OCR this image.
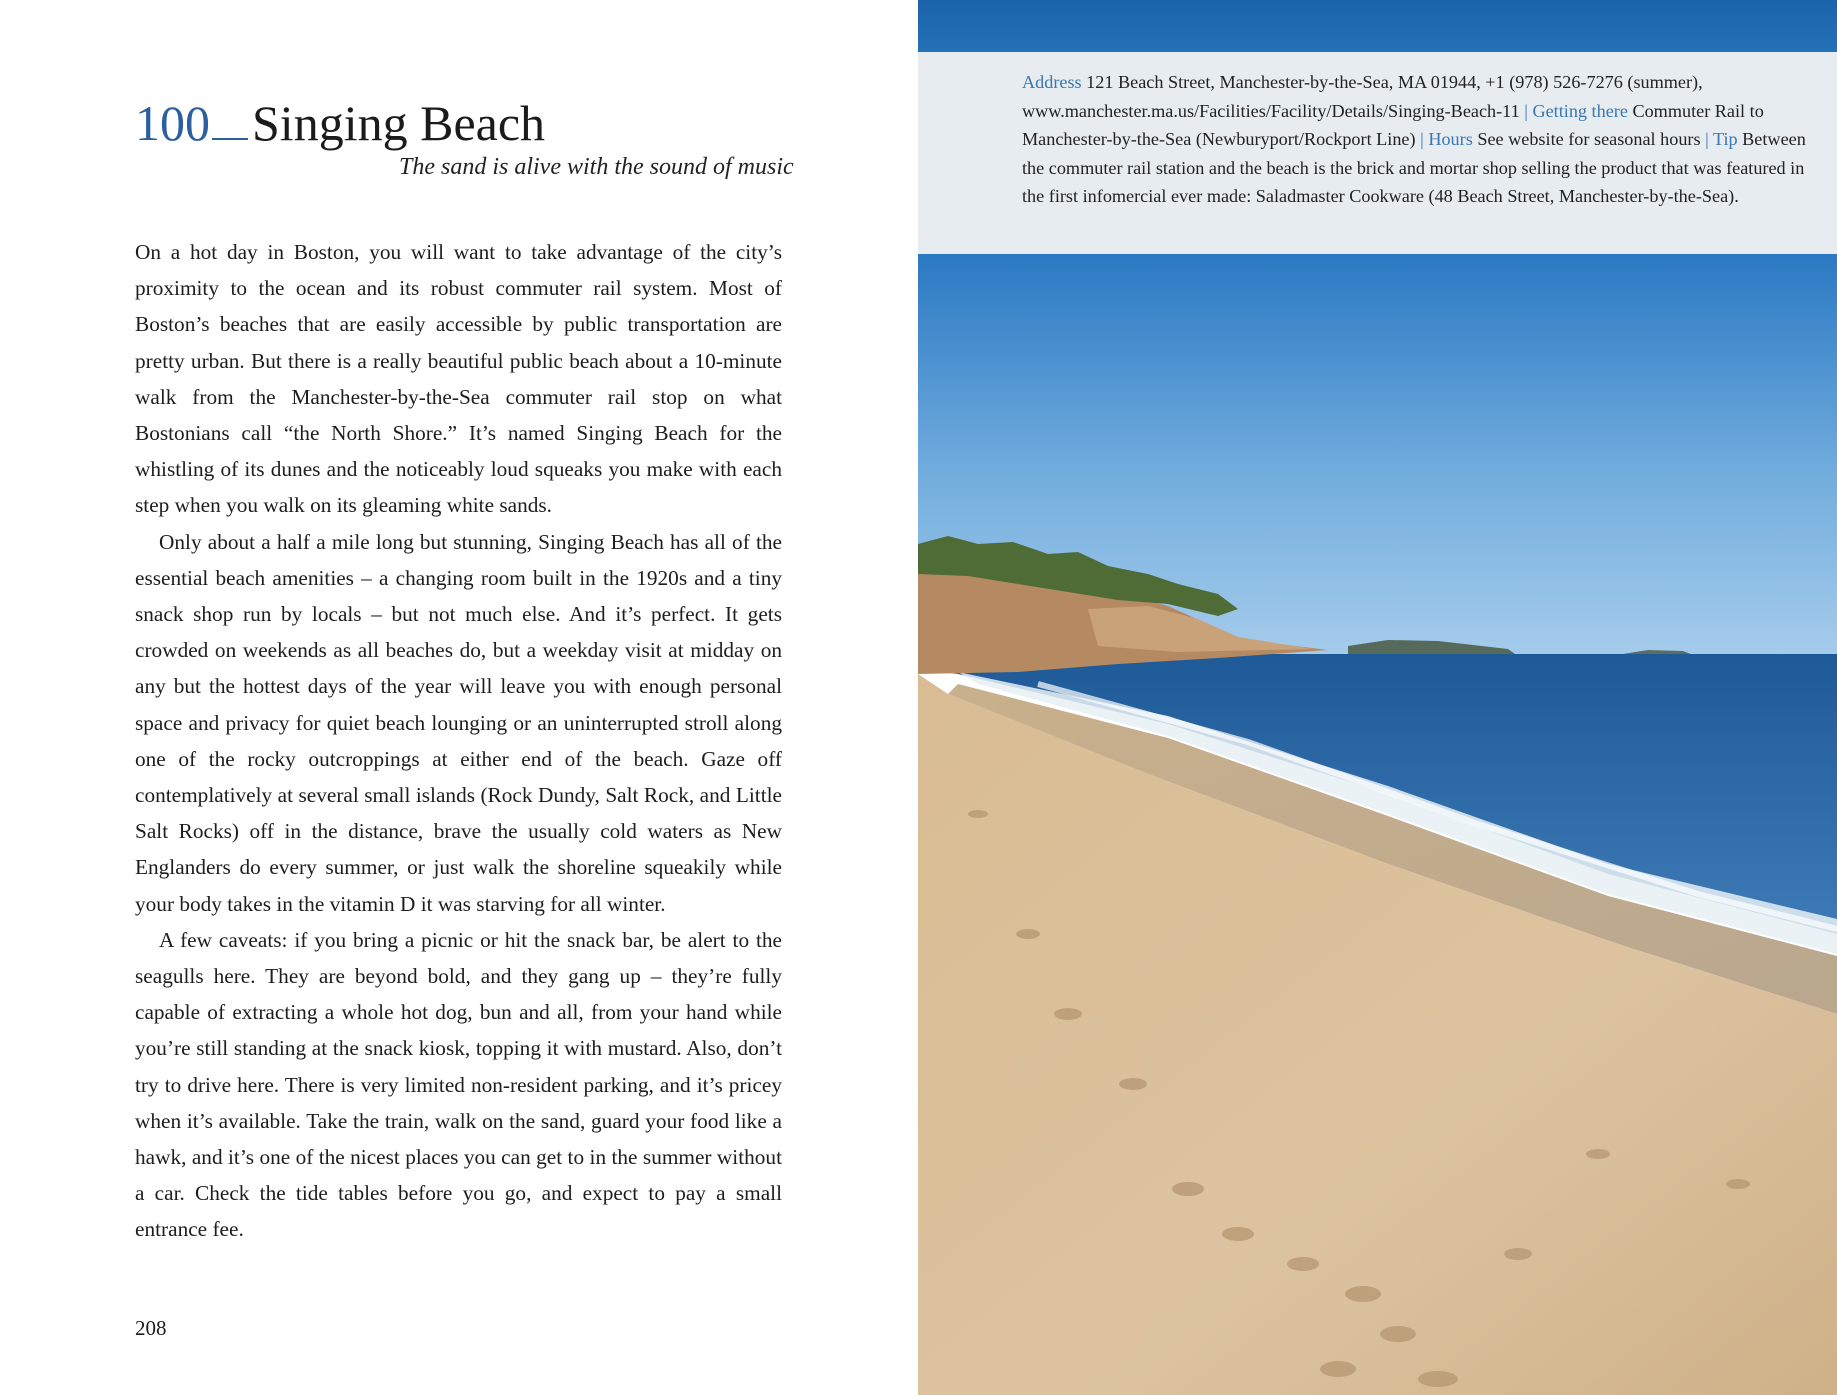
100 Singing Beach
The sand is alive with the sound of music

On a hot day in Boston, you will want to take advantage of the city’s proximity to the ocean and its robust commuter rail system. Most of Boston’s beaches that are easily accessible by public transportation are pretty urban. But there is a really beautiful public beach about a 10-minute walk from the Manchester-by-the-Sea commuter rail stop on what Bostonians call “the North Shore.” It’s named Singing Beach for the whistling of its dunes and the noticeably loud squeaks you make with each step when you walk on its gleaming white sands.

Only about a half a mile long but stunning, Singing Beach has all of the essential beach amenities – a changing room built in the 1920s and a tiny snack shop run by locals – but not much else. And it’s perfect. It gets crowded on weekends as all beaches do, but a weekday visit at midday on any but the hottest days of the year will leave you with enough personal space and privacy for quiet beach lounging or an uninterrupted stroll along one of the rocky outcroppings at either end of the beach. Gaze off contemplatively at several small islands (Rock Dundy, Salt Rock, and Little Salt Rocks) off in the distance, brave the usually cold waters as New Englanders do every summer, or just walk the shoreline squeakily while your body takes in the vitamin D it was starving for all winter.

A few caveats: if you bring a picnic or hit the snack bar, be alert to the seagulls here. They are beyond bold, and they gang up – they’re fully capable of extracting a whole hot dog, bun and all, from your hand while you’re still standing at the snack kiosk, topping it with mustard. Also, don’t try to drive here. There is very limited non-resident parking, and it’s pricey when it’s available. Take the train, walk on the sand, guard your food like a hawk, and it’s one of the nicest places you can get to in the summer without a car. Check the tide tables before you go, and expect to pay a small entrance fee.

208
Address 121 Beach Street, Manchester-by-the-Sea, MA 01944, +1 (978) 526-7276 (summer), www.manchester.ma.us/Facilities/Facility/Details/Singing-Beach-11 | Getting there Commuter Rail to Manchester-by-the-Sea (Newburyport/Rockport Line) | Hours See website for seasonal hours | Tip Between the commuter rail station and the beach is the brick and mortar shop selling the product that was featured in the first infomercial ever made: Saladmaster Cookware (48 Beach Street, Manchester-by-the-Sea).
